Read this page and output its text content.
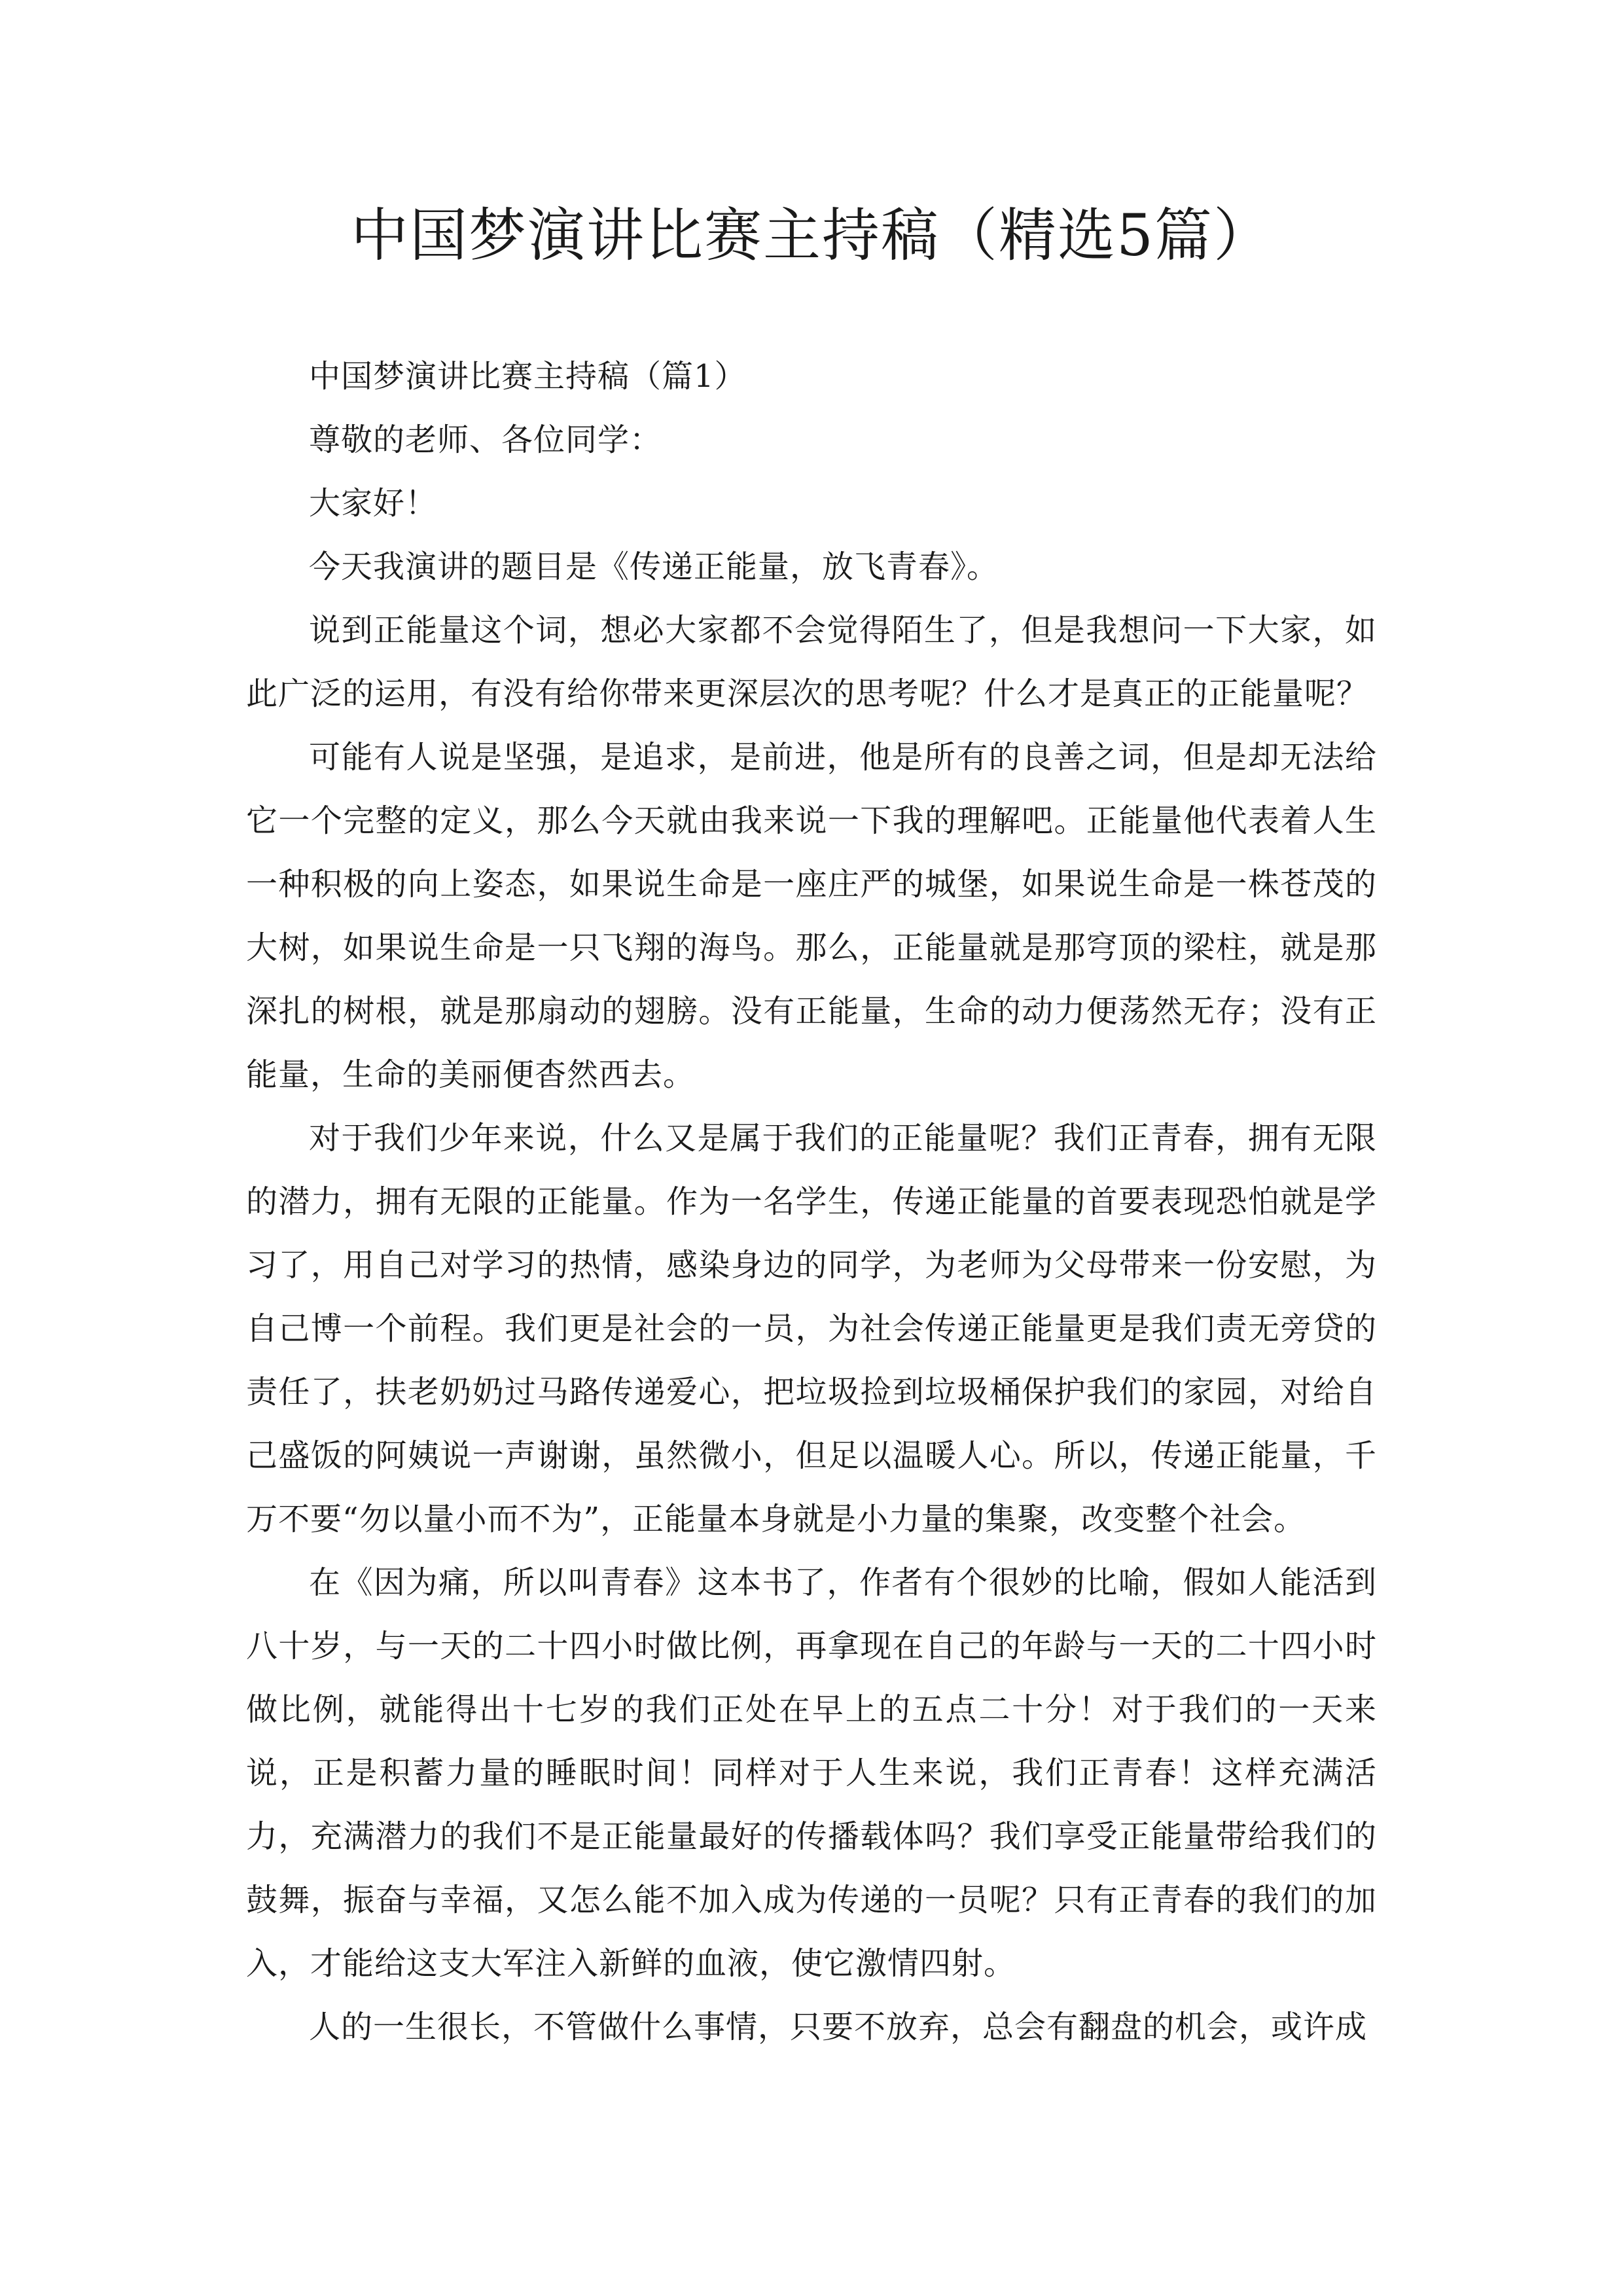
中国梦演讲比赛主持稿（精选5篇）

中国梦演讲比赛主持稿（篇1）

尊敬的老师、各位同学：

大家好！

今天我演讲的题目是《传递正能量，放飞青春》。

说到正能量这个词，想必大家都不会觉得陌生了，但是我想问一下大家，如此广泛的运用，有没有给你带来更深层次的思考呢？什么才是真正的正能量呢？

可能有人说是坚强，是追求，是前进，他是所有的良善之词，但是却无法给它一个完整的定义，那么今天就由我来说一下我的理解吧。正能量他代表着人生一种积极的向上姿态，如果说生命是一座庄严的城堡，如果说生命是一株苍茂的大树，如果说生命是一只飞翔的海鸟。那么，正能量就是那穹顶的梁柱，就是那深扎的树根，就是那扇动的翅膀。没有正能量，生命的动力便荡然无存；没有正能量，生命的美丽便杳然西去。

对于我们少年来说，什么又是属于我们的正能量呢？我们正青春，拥有无限的潜力，拥有无限的正能量。作为一名学生，传递正能量的首要表现恐怕就是学习了，用自己对学习的热情，感染身边的同学，为老师为父母带来一份安慰，为自己博一个前程。我们更是社会的一员，为社会传递正能量更是我们责无旁贷的责任了，扶老奶奶过马路传递爱心，把垃圾捡到垃圾桶保护我们的家园，对给自己盛饭的阿姨说一声谢谢，虽然微小，但足以温暖人心。所以，传递正能量，千万不要“勿以量小而不为”，正能量本身就是小力量的集聚，改变整个社会。

在《因为痛，所以叫青春》这本书了，作者有个很妙的比喻，假如人能活到八十岁，与一天的二十四小时做比例，再拿现在自己的年龄与一天的二十四小时做比例，就能得出十七岁的我们正处在早上的五点二十分！对于我们的一天来说，正是积蓄力量的睡眠时间！同样对于人生来说，我们正青春！这样充满活力，充满潜力的我们不是正能量最好的传播载体吗？我们享受正能量带给我们的鼓舞，振奋与幸福，又怎么能不加入成为传递的一员呢？只有正青春的我们的加入，才能给这支大军注入新鲜的血液，使它激情四射。

人的一生很长，不管做什么事情，只要不放弃，总会有翻盘的机会，或许成
